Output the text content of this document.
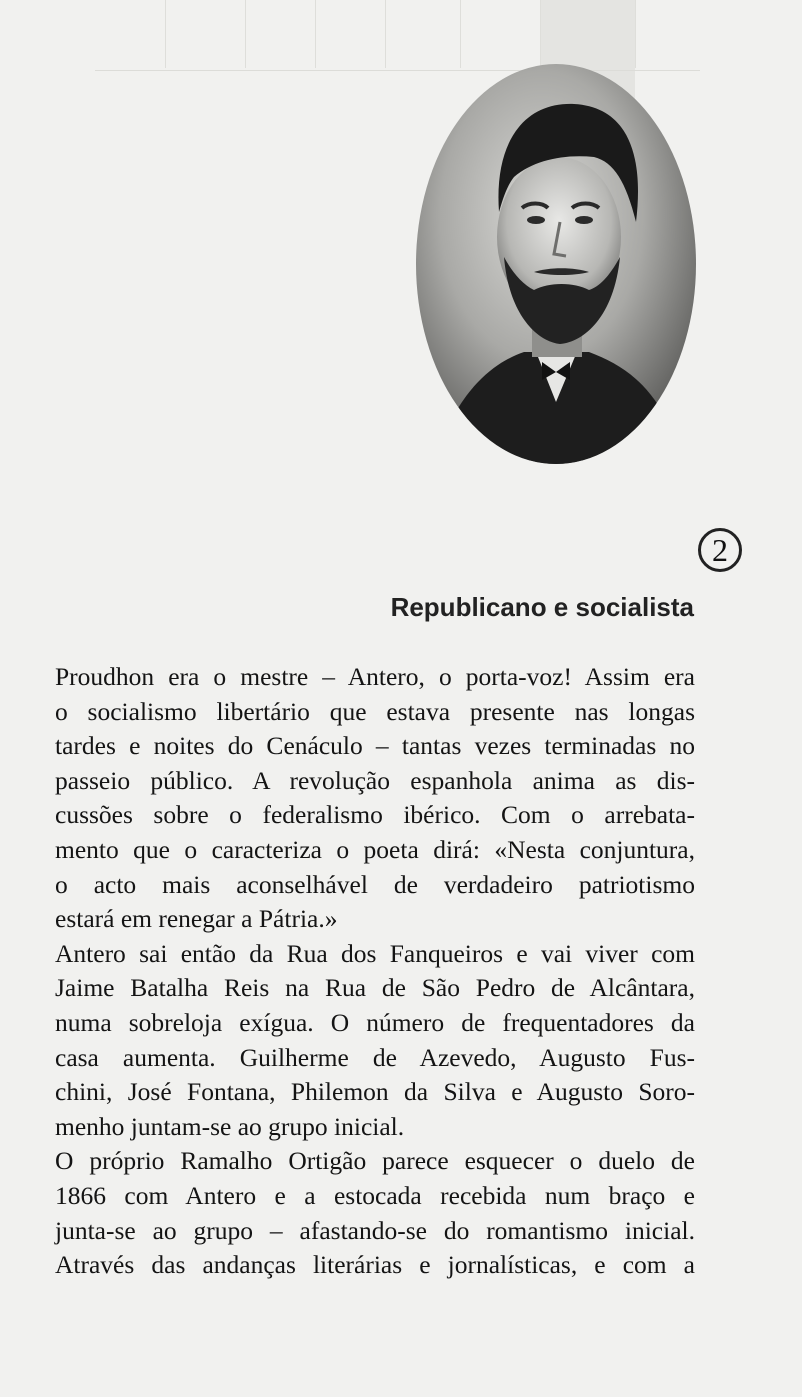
2
Republicano e socialista
Proudhon era o mestre – Antero, o porta-voz! Assim era
o socialismo libertário que estava presente nas longas
tardes e noites do Cenáculo – tantas vezes terminadas no
passeio público. A revolução espanhola anima as dis-
cussões sobre o federalismo ibérico. Com o arrebata-
mento que o caracteriza o poeta dirá: «Nesta conjuntura,
o acto mais aconselhável de verdadeiro patriotismo
estará em renegar a Pátria.»
Antero sai então da Rua dos Fanqueiros e vai viver com
Jaime Batalha Reis na Rua de São Pedro de Alcântara,
numa sobreloja exígua. O número de frequentadores da
casa aumenta. Guilherme de Azevedo, Augusto Fus-
chini, José Fontana, Philemon da Silva e Augusto Soro-
menho juntam-se ao grupo inicial.
O próprio Ramalho Ortigão parece esquecer o duelo de
1866 com Antero e a estocada recebida num braço e
junta-se ao grupo – afastando-se do romantismo inicial.
Através das andanças literárias e jornalísticas, e com a
